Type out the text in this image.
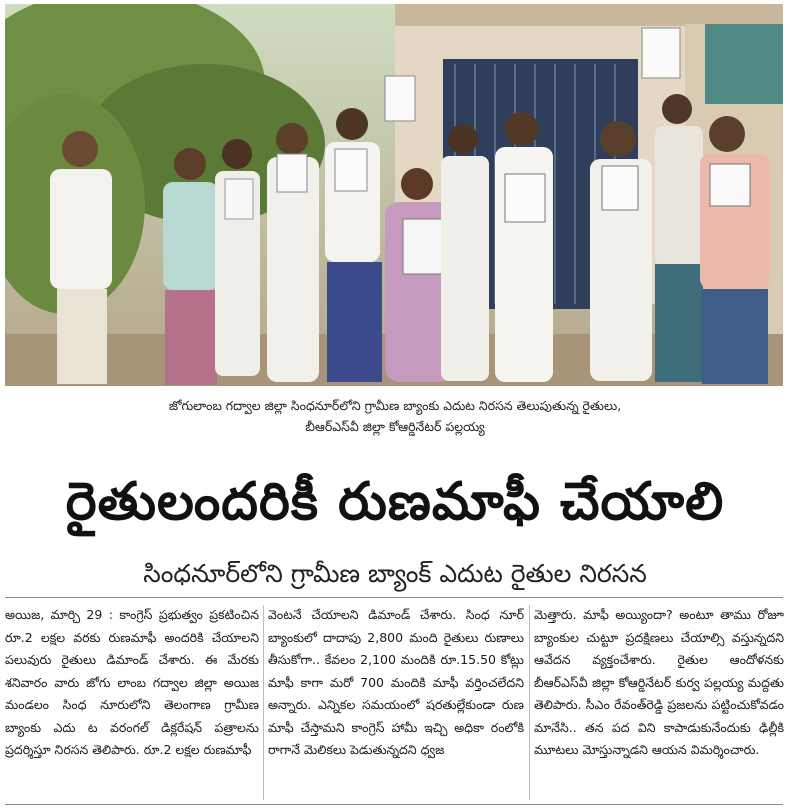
జోగులాంబ గద్వాల జిల్లా సింధనూర్‌లోని గ్రామీణ బ్యాంకు ఎదుట నిరసన తెలుపుతున్న రైతులు,
బీఆర్ఎస్‌వీ జిల్లా కోఆర్డినేటర్ పల్లయ్య
రైతులందరికీ రుణమాఫీ చేయాలి
సింధనూర్‌లోని గ్రామీణ బ్యాంక్ ఎదుట రైతుల నిరసన
అయిజ, మార్చి 29 : కాంగ్రెస్ ప్రభుత్వం ప్రకటించిన రూ.2 లక్షల వరకు రుణమాఫీ అందరికి చేయాలని పలువురు రైతులు డిమాండ్ చేశారు. ఈ మేరకు శనివారం వారు జోగు లాంబ గద్వాల జిల్లా అయిజ మండలం సింధ నూరులోని తెలంగాణ గ్రామీణ బ్యాంకు ఎదు ట వరంగల్ డిక్లరేషన్ పత్రాలను ప్రదర్శిస్తూ నిరసన తెలిపారు. రూ.2 లక్షల రుణమాఫీ
వెంటనే చేయాలని డిమాండ్ చేశారు. సింధ నూర్ బ్యాంకులో దాదాపు 2,800 మంది రైతులు రుణాలు తీసుకోగా.. కేవలం 2,100 మందికి రూ.15.50 కోట్లు మాఫీ కాగా మరో 700 మందికి మాఫీ వర్తించలేదని అన్నారు. ఎన్నికల సమయంలో షరతుల్లేకుండా రుణ మాఫీ చేస్తామని కాంగ్రెస్ హామీ ఇచ్చి అధికా రంలోకి రాగానే మెలికలు పెడుతున్నదని ధ్వజ
మెత్తారు. మాఫీ అయ్యిందా? అంటూ తాము రోజూ బ్యాంకుల చుట్టూ ప్రదక్షిణలు చేయాల్సి వస్తున్నదని ఆవేదన వ్యక్తంచేశారు. రైతుల ఆందోళనకు బీఆర్ఎస్‌వీ జిల్లా కోఆర్డినేటర్ కుర్వ పల్లయ్య మద్దతు తెలిపారు. సీఎం రేవంత్‌రెడ్డి ప్రజలను పట్టించుకోవడం మానేసి.. తన పద విని కాపాడుకునేందుకు ఢిల్లీకి మూటలు మోస్తున్నాడని ఆయన విమర్శించారు.
